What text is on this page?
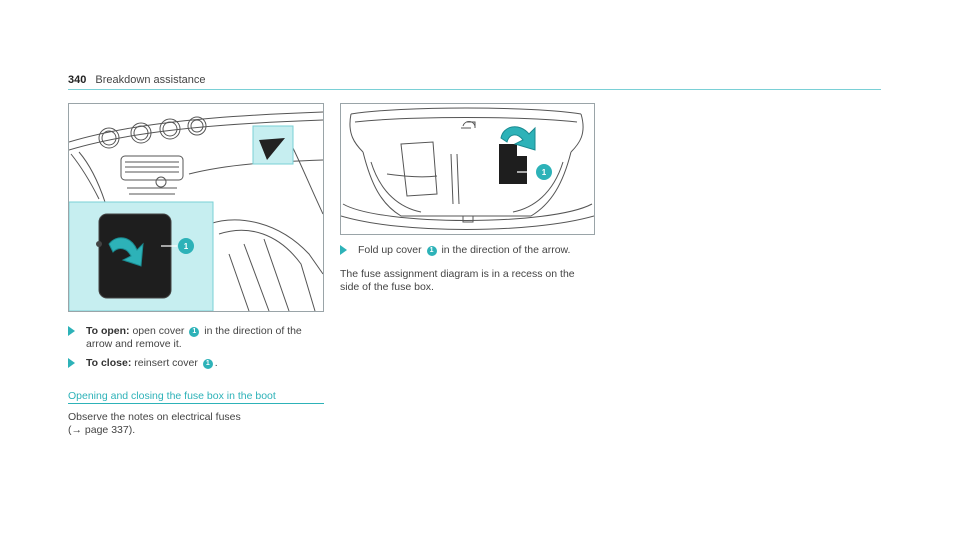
340 Breakdown assistance
1
1
To open: open cover 1 in the direction of the arrow and remove it.
To close: reinsert cover 1 .
Opening and closing the fuse box in the boot
Observe the notes on electrical fuses
(→ page 337).
Fold up cover 1 in the direction of the arrow.
The fuse assignment diagram is in a recess on the
side of the fuse box.
